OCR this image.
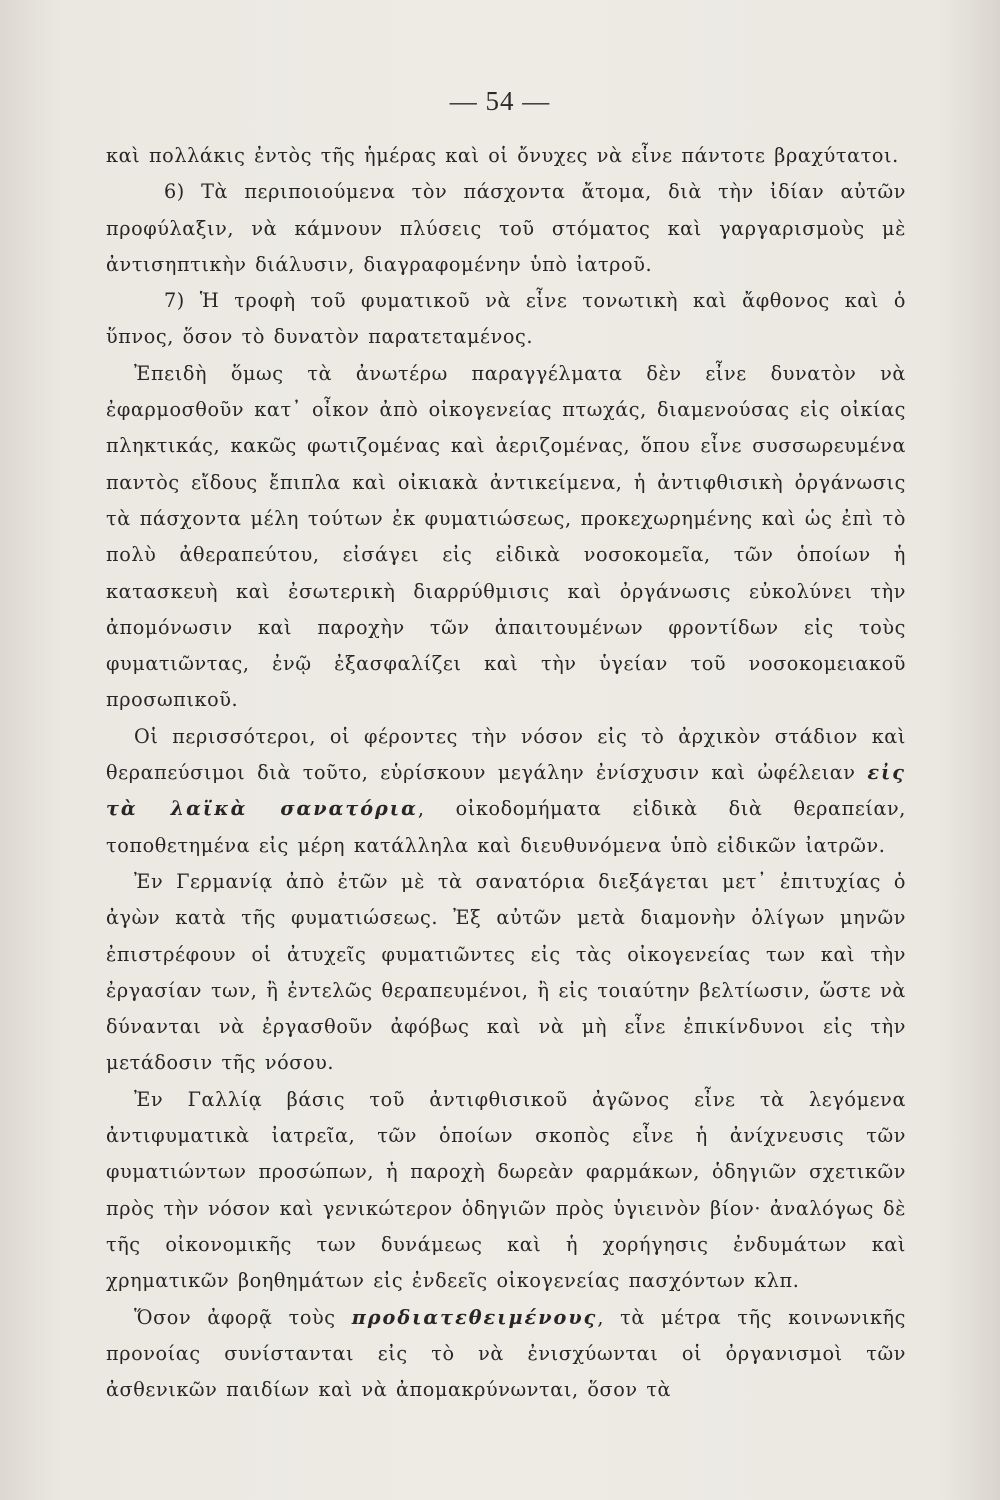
— 54 —

καὶ πολλάκις ἐντὸς τῆς ἡμέρας καὶ οἱ ὄνυχες νὰ εἶνε πάντοτε βραχύτατοι.

6) Τὰ περιποιούμενα τὸν πάσχοντα ἄτομα, διὰ τὴν ἰδίαν αὐτῶν προφύλαξιν, νὰ κάμνουν πλύσεις τοῦ στόματος καὶ γαργαρισμοὺς μὲ ἀντισηπτικὴν διάλυσιν, διαγραφομένην ὑπὸ ἰατροῦ.

7) Ἡ τροφὴ τοῦ φυματικοῦ νὰ εἶνε τονωτικὴ καὶ ἄφθονος καὶ ὁ ὕπνος, ὅσον τὸ δυνατὸν παρατεταμένος.

Ἐπειδὴ ὅμως τὰ ἀνωτέρω παραγγέλματα δὲν εἶνε δυνατὸν νὰ ἐφαρμοσθοῦν κατ᾽ οἶκον ἀπὸ οἰκογενείας πτωχάς, διαμενούσας εἰς οἰκίας πληκτικάς, κακῶς φωτιζομένας καὶ ἀεριζομένας, ὅπου εἶνε συσσωρευμένα παντὸς εἴδους ἔπιπλα καὶ οἰκιακὰ ἀντικείμενα, ἡ ἀντιφθισικὴ ὀργάνωσις τὰ πάσχοντα μέλη τούτων ἐκ φυματιώσεως, προκεχωρημένης καὶ ὡς ἐπὶ τὸ πολὺ ἀθεραπεύτου, εἰσάγει εἰς εἰδικὰ νοσοκομεῖα, τῶν ὁποίων ἡ κατασκευὴ καὶ ἐσωτερικὴ διαρρύθμισις καὶ ὀργάνωσις εὐκολύνει τὴν ἀπομόνωσιν καὶ παροχὴν τῶν ἀπαιτουμένων φροντίδων εἰς τοὺς φυματιῶντας, ἐνῷ ἐξασφαλίζει καὶ τὴν ὑγείαν τοῦ νοσοκομειακοῦ προσωπικοῦ.

Οἱ περισσότεροι, οἱ φέροντες τὴν νόσον εἰς τὸ ἀρχικὸν στάδιον καὶ θεραπεύσιμοι διὰ τοῦτο, εὑρίσκουν μεγάλην ἐνίσχυσιν καὶ ὠφέλειαν εἰς τὰ λαϊκὰ σανατόρια, οἰκοδομήματα εἰδικὰ διὰ θεραπείαν, τοποθετημένα εἰς μέρη κατάλληλα καὶ διευθυνόμενα ὑπὸ εἰδικῶν ἰατρῶν.

Ἐν Γερμανίᾳ ἀπὸ ἐτῶν μὲ τὰ σανατόρια διεξάγεται μετ᾽ ἐπιτυχίας ὁ ἀγὼν κατὰ τῆς φυματιώσεως. Ἐξ αὐτῶν μετὰ διαμονὴν ὀλίγων μηνῶν ἐπιστρέφουν οἱ ἀτυχεῖς φυματιῶντες εἰς τὰς οἰκογενείας των καὶ τὴν ἐργασίαν των, ἢ ἐντελῶς θεραπευμένοι, ἢ εἰς τοιαύτην βελτίωσιν, ὥστε νὰ δύνανται νὰ ἐργασθοῦν ἀφόβως καὶ νὰ μὴ εἶνε ἐπικίνδυνοι εἰς τὴν μετάδοσιν τῆς νόσου.

Ἐν Γαλλίᾳ βάσις τοῦ ἀντιφθισικοῦ ἀγῶνος εἶνε τὰ λεγόμενα ἀντιφυματικὰ ἰατρεῖα, τῶν ὁποίων σκοπὸς εἶνε ἡ ἀνίχνευσις τῶν φυματιώντων προσώπων, ἡ παροχὴ δωρεὰν φαρμάκων, ὁδηγιῶν σχετικῶν πρὸς τὴν νόσον καὶ γενικώτερον ὁδηγιῶν πρὸς ὑγιεινὸν βίον· ἀναλόγως δὲ τῆς οἰκονομικῆς των δυνάμεως καὶ ἡ χορήγησις ἐνδυμάτων καὶ χρηματικῶν βοηθημάτων εἰς ἐνδεεῖς οἰκογενείας πασχόντων κλπ.

Ὅσον ἀφορᾷ τοὺς προδιατεθειμένους, τὰ μέτρα τῆς κοινωνικῆς προνοίας συνίστανται εἰς τὸ νὰ ἐνισχύωνται οἱ ὀργανισμοὶ τῶν ἀσθενικῶν παιδίων καὶ νὰ ἀπομακρύνωνται, ὅσον τὰ
